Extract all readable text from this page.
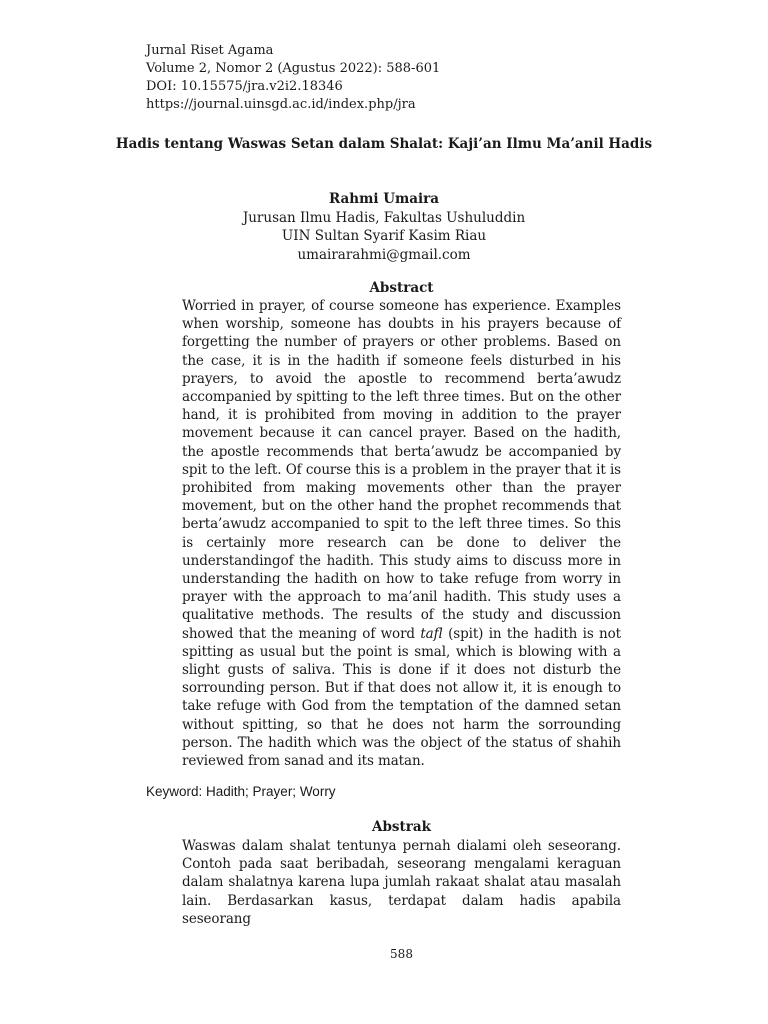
Jurnal Riset Agama
Volume 2, Nomor 2 (Agustus 2022): 588-601
DOI: 10.15575/jra.v2i2.18346
https://journal.uinsgd.ac.id/index.php/jra
Hadis tentang Waswas Setan dalam Shalat: Kaji’an Ilmu Ma’anil Hadis
Rahmi Umaira
Jurusan Ilmu Hadis, Fakultas Ushuluddin
UIN Sultan Syarif Kasim Riau
umairarahmi@gmail.com
Abstract
Worried in prayer, of course someone has experience. Examples when worship, someone has doubts in his prayers because of forgetting the number of prayers or other problems. Based on the case, it is in the hadith if someone feels disturbed in his prayers, to avoid the apostle to recommend berta’awudz accompanied by spitting to the left three times. But on the other hand, it is prohibited from moving in addition to the prayer movement because it can cancel prayer. Based on the hadith, the apostle recommends that berta’awudz be accompanied by spit to the left. Of course this is a problem in the prayer that it is prohibited from making movements other than the prayer movement, but on the other hand the prophet recommends that berta’awudz accompanied to spit to the left three times. So this is certainly more research can be done to deliver the understandingof the hadith. This study aims to discuss more in understanding the hadith on how to take refuge from worry in prayer with the approach to ma’anil hadith. This study uses a qualitative methods. The results of the study and discussion showed that the meaning of word tafl (spit) in the hadith is not spitting as usual but the point is smal, which is blowing with a slight gusts of saliva. This is done if it does not disturb the sorrounding person. But if that does not allow it, it is enough to take refuge with God from the temptation of the damned setan without spitting, so that he does not harm the sorrounding person. The hadith which was the object of the status of shahih reviewed from sanad and its matan.
Keyword: Hadith; Prayer; Worry
Abstrak
Waswas dalam shalat tentunya pernah dialami oleh seseorang. Contoh pada saat beribadah, seseorang mengalami keraguan dalam shalatnya karena lupa jumlah rakaat shalat atau masalah lain. Berdasarkan kasus, terdapat dalam hadis apabila seseorang
588
